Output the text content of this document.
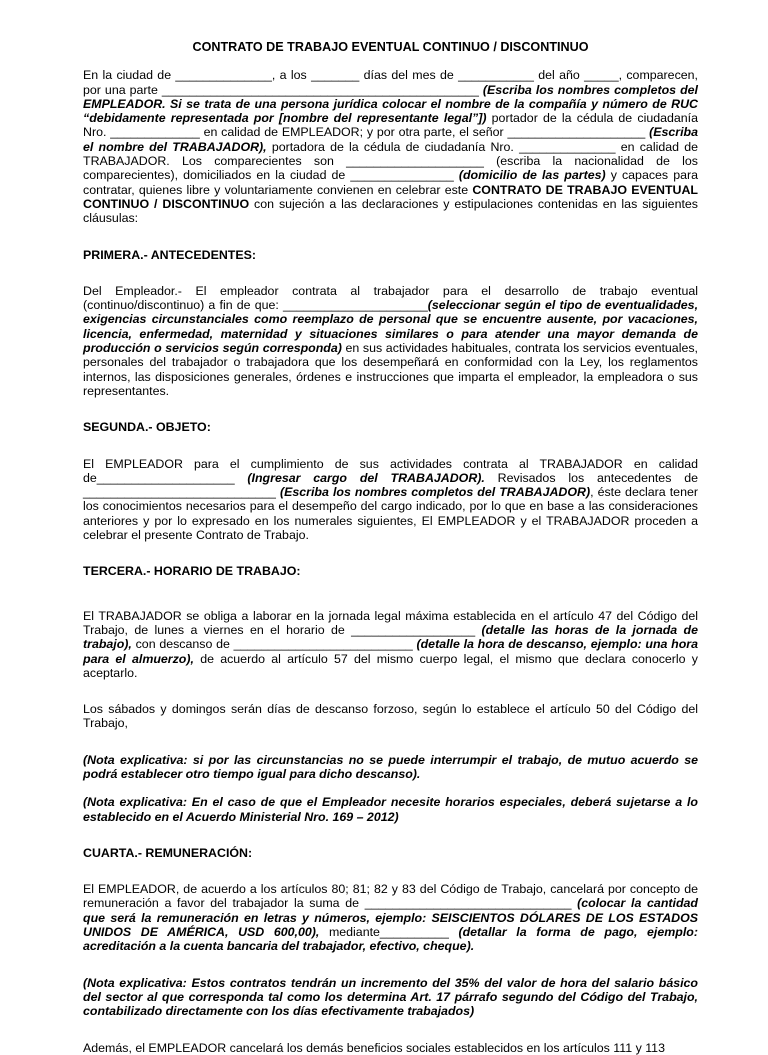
CONTRATO DE TRABAJO EVENTUAL CONTINUO / DISCONTINUO

En la ciudad de ______________, a los _______ días del mes de ___________ del año _____, comparecen, por una parte ______________________________________________ (Escriba los nombres completos del EMPLEADOR. Si se trata de una persona jurídica colocar el nombre de la compañía y número de RUC “debidamente representada por [nombre del representante legal”]) portador de la cédula de ciudadanía Nro. _____________ en calidad de EMPLEADOR; y por otra parte, el señor ____________________ (Escriba el nombre del TRABAJADOR), portadora de la cédula de ciudadanía Nro. ______________ en calidad de TRABAJADOR. Los comparecientes son ____________________ (escriba la nacionalidad de los comparecientes), domiciliados en la ciudad de _______________ (domicilio de las partes) y capaces para contratar, quienes libre y voluntariamente convienen en celebrar este CONTRATO DE TRABAJO EVENTUAL CONTINUO / DISCONTINUO con sujeción a las declaraciones y estipulaciones contenidas en las siguientes cláusulas:

PRIMERA.- ANTECEDENTES:

Del Empleador.- El empleador contrata al trabajador para el desarrollo de trabajo eventual (continuo/discontinuo) a fin de que: _____________________(seleccionar según el tipo de eventualidades, exigencias circunstanciales como reemplazo de personal que se encuentre ausente, por vacaciones, licencia, enfermedad, maternidad y situaciones similares o para atender una mayor demanda de producción o servicios según corresponda) en sus actividades habituales, contrata los servicios eventuales, personales del trabajador o trabajadora que los desempeñará en conformidad con la Ley, los reglamentos internos, las disposiciones generales, órdenes e instrucciones que imparta el empleador, la empleadora o sus representantes.

SEGUNDA.- OBJETO:

El EMPLEADOR para el cumplimiento de sus actividades contrata al TRABAJADOR en calidad de____________________ (Ingresar cargo del TRABAJADOR). Revisados los antecedentes de ____________________________ (Escriba los nombres completos del TRABAJADOR), éste declara tener los conocimientos necesarios para el desempeño del cargo indicado, por lo que en base a las consideraciones anteriores y por lo expresado en los numerales siguientes, El EMPLEADOR y el TRABAJADOR proceden a celebrar el presente Contrato de Trabajo.

TERCERA.- HORARIO DE TRABAJO:

El TRABAJADOR se obliga a laborar en la jornada legal máxima establecida en el artículo 47 del Código del Trabajo, de lunes a viernes en el horario de __________________ (detalle las horas de la jornada de trabajo), con descanso de __________________________ (detalle la hora de descanso, ejemplo: una hora para el almuerzo), de acuerdo al artículo 57 del mismo cuerpo legal, el mismo que declara conocerlo y aceptarlo.

Los sábados y domingos serán días de descanso forzoso, según lo establece el artículo 50 del Código del Trabajo,

(Nota explicativa: si por las circunstancias no se puede interrumpir el trabajo, de mutuo acuerdo se podrá establecer otro tiempo igual para dicho descanso).

(Nota explicativa: En el caso de que el Empleador necesite horarios especiales, deberá sujetarse a lo establecido en el Acuerdo Ministerial Nro. 169 – 2012)

CUARTA.- REMUNERACIÓN:

El EMPLEADOR, de acuerdo a los artículos 80; 81; 82 y 83 del Código de Trabajo, cancelará por concepto de remuneración a favor del trabajador la suma de ______________________________ (colocar la cantidad que será la remuneración en letras y números, ejemplo: SEISCIENTOS DÓLARES DE LOS ESTADOS UNIDOS DE AMÉRICA, USD 600,00), mediante__________ (detallar la forma de pago, ejemplo: acreditación a la cuenta bancaria del trabajador, efectivo, cheque).

(Nota explicativa: Estos contratos tendrán un incremento del 35% del valor de hora del salario básico del sector al que corresponda tal como los determina Art. 17 párrafo segundo del Código del Trabajo, contabilizado directamente con los días efectivamente trabajados)

Además, el EMPLEADOR cancelará los demás beneficios sociales establecidos en los artículos 111 y 113
